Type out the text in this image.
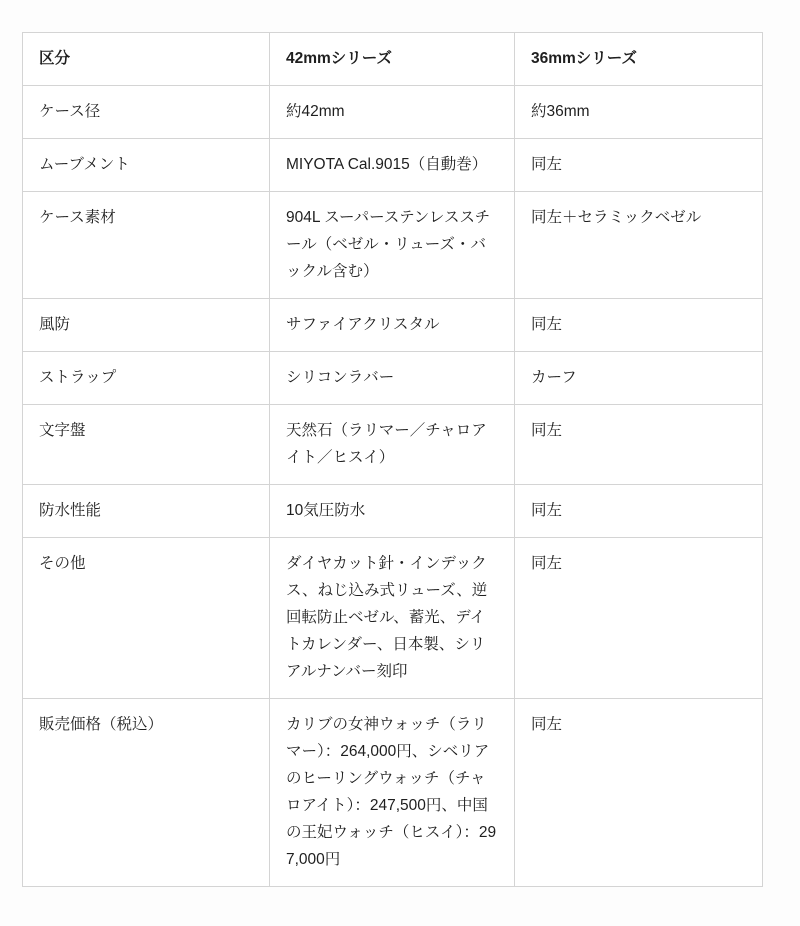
区分	42mmシリーズ	36mmシリーズ
ケース径	約42mm	約36mm
ムーブメント	MIYOTA Cal.9015（自動巻）	同左
ケース素材	904L スーパーステンレススチール（ベゼル・リューズ・バックル含む）	同左＋セラミックベゼル
風防	サファイアクリスタル	同左
ストラップ	シリコンラバー	カーフ
文字盤	天然石（ラリマー／チャロアイト／ヒスイ）	同左
防水性能	10気圧防水	同左
その他	ダイヤカット針・インデックス、ねじ込み式リューズ、逆回転防止ベゼル、蓄光、デイトカレンダー、日本製、シリアルナンバー刻印	同左
販売価格（税込）	カリブの女神ウォッチ（ラリマー）：264,000円、シベリアのヒーリングウォッチ（チャロアイト）：247,500円、中国の王妃ウォッチ（ヒスイ）：297,000円	同左
